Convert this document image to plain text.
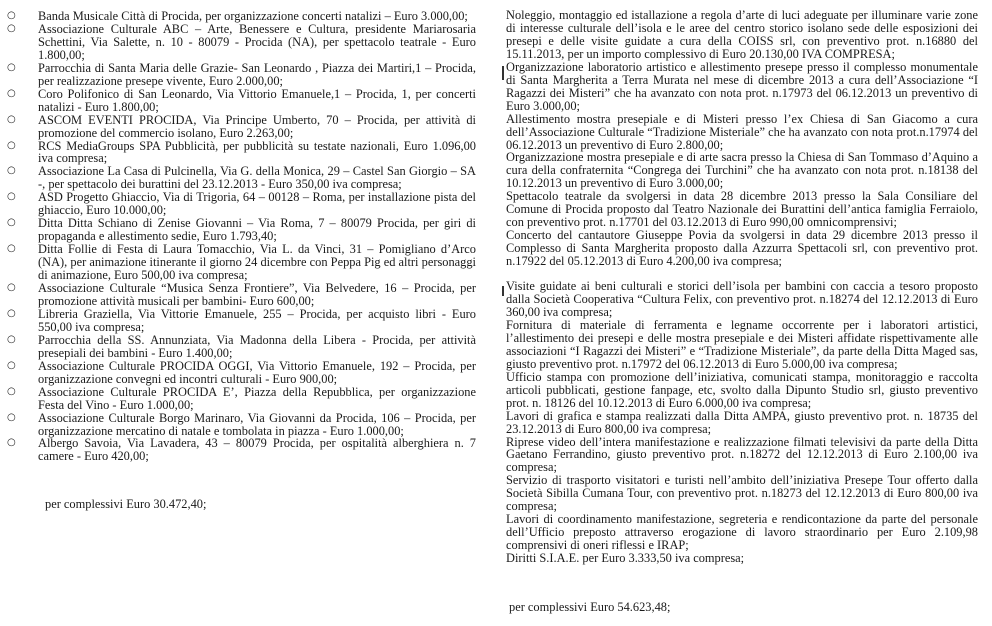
○ Banda Musicale Città di Procida, per organizzazione concerti natalizi – Euro 3.000,00;
○ Associazione Culturale ABC – Arte, Benessere e Cultura, presidente Mariarosaria Schettini, Via Salette, n. 10 - 80079 - Procida (NA), per spettacolo teatrale - Euro 1.800,00;
○ Parrocchia di Santa Maria delle Grazie- San Leonardo , Piazza dei Martiri,1 – Procida, per realizzazione presepe vivente, Euro 2.000,00;
○ Coro Polifonico di San Leonardo, Via Vittorio Emanuele,1 – Procida, 1, per concerti natalizi - Euro 1.800,00;
○ ASCOM EVENTI PROCIDA, Via Principe Umberto, 70 – Procida, per attività di promozione del commercio isolano, Euro 2.263,00;
○ RCS MediaGroups SPA Pubblicità, per pubblicità su testate nazionali, Euro 1.096,00 iva compresa;
○ Associazione La Casa di Pulcinella, Via G. della Monica, 29 – Castel San Giorgio – SA -, per spettacolo dei burattini del 23.12.2013 - Euro 350,00 iva compresa;
○ ASD Progetto Ghiaccio, Via di Trigoria, 64 – 00128 – Roma, per installazione pista del ghiaccio, Euro 10.000,00;
○ Ditta Ditta Schiano di Zenise Giovanni – Via Roma, 7 – 80079 Procida, per giri di propaganda e allestimento sedie, Euro 1.793,40;
○ Ditta Follie di Festa di Laura Tomacchio, Via L. da Vinci, 31 – Pomigliano d’Arco (NA), per animazione itinerante il giorno 24 dicembre con Peppa Pig ed altri personaggi di animazione, Euro 500,00 iva compresa;
○ Associazione Culturale “Musica Senza Frontiere”, Via Belvedere, 16 – Procida, per promozione attività musicali per bambini- Euro 600,00;
○ Libreria Graziella, Via Vittorie Emanuele, 255 – Procida, per acquisto libri - Euro 550,00 iva compresa;
○ Parrocchia della SS. Annunziata, Via Madonna della Libera - Procida, per attività presepiali dei bambini - Euro 1.400,00;
○ Associazione Culturale PROCIDA OGGI, Via Vittorio Emanuele, 192 – Procida, per organizzazione convegni ed incontri culturali - Euro 900,00;
○ Associazione Culturale PROCIDA E’, Piazza della Repubblica, per organizzazione Festa del Vino - Euro 1.000,00;
○ Associazione Culturale Borgo Marinaro, Via Giovanni da Procida, 106 – Procida, per organizzazione mercatino di natale e tombolata in piazza - Euro 1.000,00;
○ Albergo Savoia, Via Lavadera, 43 – 80079 Procida, per ospitalità alberghiera n. 7 camere - Euro 420,00;
per complessivi Euro 30.472,40;
Noleggio, montaggio ed istallazione a regola d’arte di luci adeguate per illuminare varie zone di interesse culturale dell’isola e le aree del centro storico isolano sede delle esposizioni dei presepi e delle visite guidate a cura della COISS srl, con preventivo prot. n.16880 del 15.11.2013, per un importo complessivo di Euro 20.130,00 IVA COMPRESA;
Organizzazione laboratorio artistico e allestimento presepe presso il complesso monumentale di Santa Margherita a Terra Murata nel mese di dicembre 2013 a cura dell’Associazione “I Ragazzi dei Misteri” che ha avanzato con nota prot. n.17973 del 06.12.2013 un preventivo di Euro 3.000,00;
Allestimento mostra presepiale e di Misteri presso l’ex Chiesa di San Giacomo a cura dell’Associazione Culturale “Tradizione Misteriale” che ha avanzato con nota prot.n.17974 del 06.12.2013 un preventivo di Euro 2.800,00;
Organizzazione mostra presepiale e di arte sacra presso la Chiesa di San Tommaso d’Aquino a cura della confraternita “Congrega dei Turchini” che ha avanzato con nota prot. n.18138 del 10.12.2013 un preventivo di Euro 3.000,00;
Spettacolo teatrale da svolgersi in data 28 dicembre 2013 presso la Sala Consiliare del Comune di Procida proposto dal Teatro Nazionale dei Burattini dell’antica famiglia Ferraiolo, con preventivo prot. n.17701 del 03.12.2013 di Euro 990,00 omnicomprensivi;
Concerto del cantautore Giuseppe Povia da svolgersi in data 29 dicembre 2013 presso il Complesso di Santa Margherita proposto dalla Azzurra Spettacoli srl, con preventivo prot. n.17922 del 05.12.2013 di Euro 4.200,00 iva compresa;
Visite guidate ai beni culturali e storici dell’isola per bambini con caccia a tesoro proposto dalla Società Cooperativa “Cultura Felix, con preventivo prot. n.18274 del 12.12.2013 di Euro 360,00 iva compresa;
Fornitura di materiale di ferramenta e legname occorrente per i laboratori artistici, l’allestimento dei presepi e delle mostra presepiale e dei Misteri affidate rispettivamente alle associazioni “I Ragazzi dei Misteri” e “Tradizione Misteriale”, da parte della Ditta Maged sas, giusto preventivo prot. n.17972 del 06.12.2013 di Euro 5.000,00 iva compresa;
Ufficio stampa con promozione dell’iniziativa, comunicati stampa, monitoraggio e raccolta articoli pubblicati, gestione fanpage, etc, svolto dalla Dipunto Studio srl, giusto preventivo prot. n. 18126 del 10.12.2013 di Euro 6.000,00 iva compresa;
Lavori di grafica e stampa realizzati dalla Ditta AMPA, giusto preventivo prot. n. 18735 del 23.12.2013 di Euro 800,00 iva compresa;
Riprese video dell’intera manifestazione e realizzazione filmati televisivi da parte della Ditta Gaetano Ferrandino, giusto preventivo prot. n.18272 del 12.12.2013 di Euro 2.100,00 iva compresa;
Servizio di trasporto visitatori e turisti nell’ambito dell’iniziativa Presepe Tour offerto dalla Società Sibilla Cumana Tour, con preventivo prot. n.18273 del 12.12.2013 di Euro 800,00 iva compresa;
Lavori di coordinamento manifestazione, segreteria e rendicontazione da parte del personale dell’Ufficio preposto attraverso erogazione di lavoro straordinario per Euro 2.109,98 comprensivi di oneri riflessi e IRAP;
Diritti S.I.A.E. per Euro 3.333,50 iva compresa;
per complessivi Euro 54.623,48;
